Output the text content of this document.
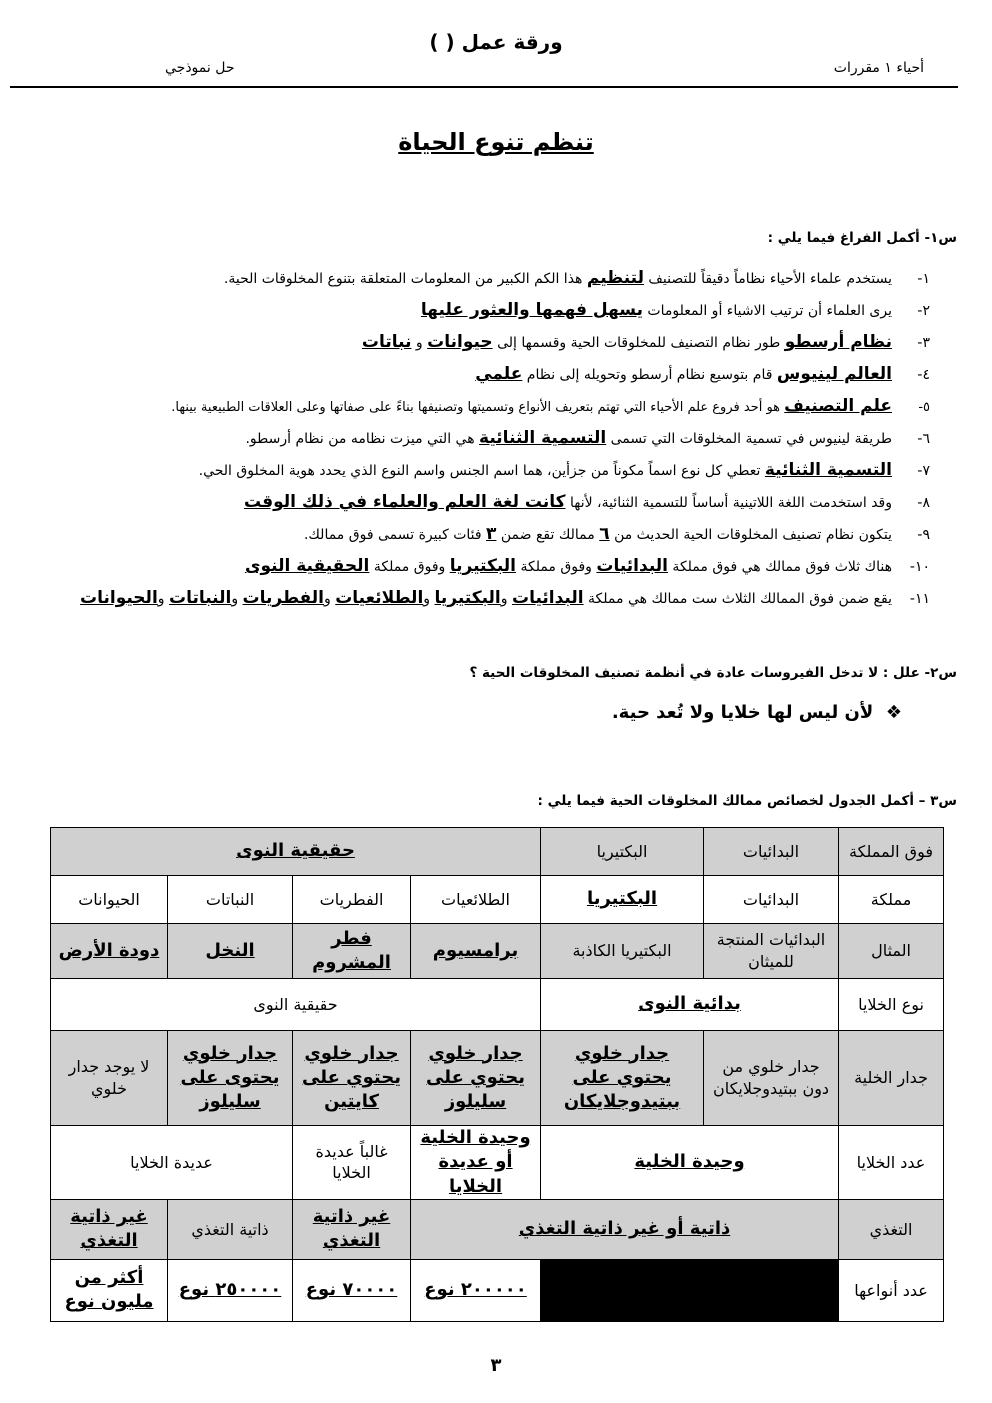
ورقة عمل ( )
أحياء ١ مقررات
حل نموذجي
تنظم تنوع الحياة
س١- أكمل الفراغ فيما يلي :
١-يستخدم علماء الأحياء نظاماً دقيقاً للتصنيف لتنظيم هذا الكم الكبير من المعلومات المتعلقة بتنوع المخلوقات الحية.
٢-يرى العلماء أن ترتيب الاشياء أو المعلومات يسهل فهمها والعثور عليها
٣-نظام أرسطو طور نظام التصنيف للمخلوقات الحية وقسمها إلى حيوانات و نباتات
٤-العالم لينيوس قام بتوسيع نظام أرسطو وتحويله إلى نظام علمي
٥-علم التصنيف هو أحد فروع علم الأحياء التي تهتم بتعريف الأنواع وتسميتها وتصنيفها بناءً على صفاتها وعلى العلاقات الطبيعية بينها.
٦-طريقة لينيوس في تسمية المخلوقات التي تسمى التسمية الثنائية هي التي ميزت نظامه من نظام أرسطو.
٧-التسمية الثنائية تعطي كل نوع اسماً مكوناً من جزأين، هما اسم الجنس واسم النوع الذي يحدد هوية المخلوق الحي.
٨-وقد استخدمت اللغة اللاتينية أساساً للتسمية الثنائية، لأنها كانت لغة العلم والعلماء في ذلك الوقت
٩-يتكون نظام تصنيف المخلوقات الحية الحديث من ٦ ممالك تقع ضمن ٣ فئات كبيرة تسمى فوق ممالك.
١٠-هناك ثلاث فوق ممالك هي فوق مملكة البدائيات وفوق مملكة البكتيريا وفوق مملكة الحقيقية النوى
١١-يقع ضمن فوق الممالك الثلاث ست ممالك هي مملكة البدائيات والبكتيريا والطلائعيات والفطريات والنباتات والحيوانات
س٢- علل : لا تدخل الفيروسات عادة في أنظمة تصنيف المخلوقات الحية ؟
❖  لأن ليس لها خلايا ولا تُعد حية.
س٣ – أكمل الجدول لخصائص ممالك المخلوقات الحية فيما يلي :
فوق المملكة	البدائيات	البكتيريا	حقيقية النوى			
مملكة	البدائيات	البكتيريا	الطلائعيات	الفطريات	النباتات	الحيوانات
المثال	البدائيات المنتجة للميثان	البكتيريا الكاذبة	برامسيوم	فطر المشروم	النخل	دودة الأرض
نوع الخلايا	بدائية النوى		حقيقية النوى			
جدار الخلية	جدار خلوي من دون ببتيدوجلايكان	جدار خلوي يحتوي على ببتيدوجلايكان	جدار خلوي يحتوي على سليلوز	جدار خلوي يحتوي على كايتين	جدار خلوي يحتوى على سليلوز	لا يوجد جدار خلوي
عدد الخلايا	وحيدة الخلية		وحيدة الخلية أو عديدة الخلايا	غالباً عديدة الخلايا	عديدة الخلايا	
التغذي	ذاتية أو غير ذاتية التغذي			غير ذاتية التغذي	ذاتية التغذي	غير ذاتية التغذي
عدد أنواعها			٢٠٠٠٠٠ نوع	٧٠٠٠٠ نوع	٢٥٠٠٠٠ نوع	أكثر من مليون نوع
٣
